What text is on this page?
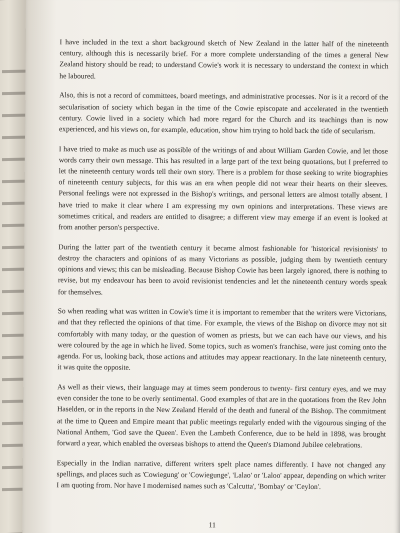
I have included in the text a short background sketch of New Zealand in the latter half of the nineteenth century, although this is necessarily brief. For a more complete understanding of the times a general New Zealand history should be read; to understand Cowie's work it is necessary to understand the context in which he laboured.

Also, this is not a record of committees, board meetings, and administrative processes. Nor is it a record of the secularisation of society which began in the time of the Cowie episcopate and accelerated in the twentieth century. Cowie lived in a society which had more regard for the Church and its teachings than is now experienced, and his views on, for example, education, show him trying to hold back the tide of secularism.

I have tried to make as much use as possible of the writings of and about William Garden Cowie, and let those words carry their own message. This has resulted in a large part of the text being quotations, but I preferred to let the nineteenth century words tell their own story. There is a problem for those seeking to write biographies of nineteenth century subjects, for this was an era when people did not wear their hearts on their sleeves. Personal feelings were not expressed in the Bishop's writings, and personal letters are almost totally absent. I have tried to make it clear where I am expressing my own opinions and interpretations. These views are sometimes critical, and readers are entitled to disagree; a different view may emerge if an event is looked at from another person's perspective.

During the latter part of the twentieth century it became almost fashionable for 'historical revisionists' to destroy the characters and opinions of as many Victorians as possible, judging them by twentieth century opinions and views; this can be misleading. Because Bishop Cowie has been largely ignored, there is nothing to revise, but my endeavour has been to avoid revisionist tendencies and let the nineteenth century words speak for themselves.

So when reading what was written in Cowie's time it is important to remember that the writers were Victorians, and that they reflected the opinions of that time. For example, the views of the Bishop on divorce may not sit comfortably with many today, or the question of women as priests, but we can each have our views, and his were coloured by the age in which he lived. Some topics, such as women's franchise, were just coming onto the agenda. For us, looking back, those actions and attitudes may appear reactionary. In the late nineteenth century, it was quite the opposite.

As well as their views, their language may at times seem ponderous to twenty- first century eyes, and we may even consider the tone to be overly sentimental. Good examples of that are in the quotations from the Rev John Haselden, or in the reports in the New Zealand Herald of the death and funeral of the Bishop. The commitment at the time to Queen and Empire meant that public meetings regularly ended with the vigourous singing of the National Anthem, 'God save the Queen'. Even the Lambeth Conference, due to be held in 1898, was brought forward a year, which enabled the overseas bishops to attend the Queen's Diamond Jubilee celebrations.

Especially in the Indian narrative, different writers spelt place names differently. I have not changed any spellings, and places such as 'Cowiegung' or 'Cowiegunge', 'Lalao' or 'Laloo' appear, depending on which writer I am quoting from. Nor have I modernised names such as 'Calcutta', 'Bombay' or 'Ceylon'.

11
